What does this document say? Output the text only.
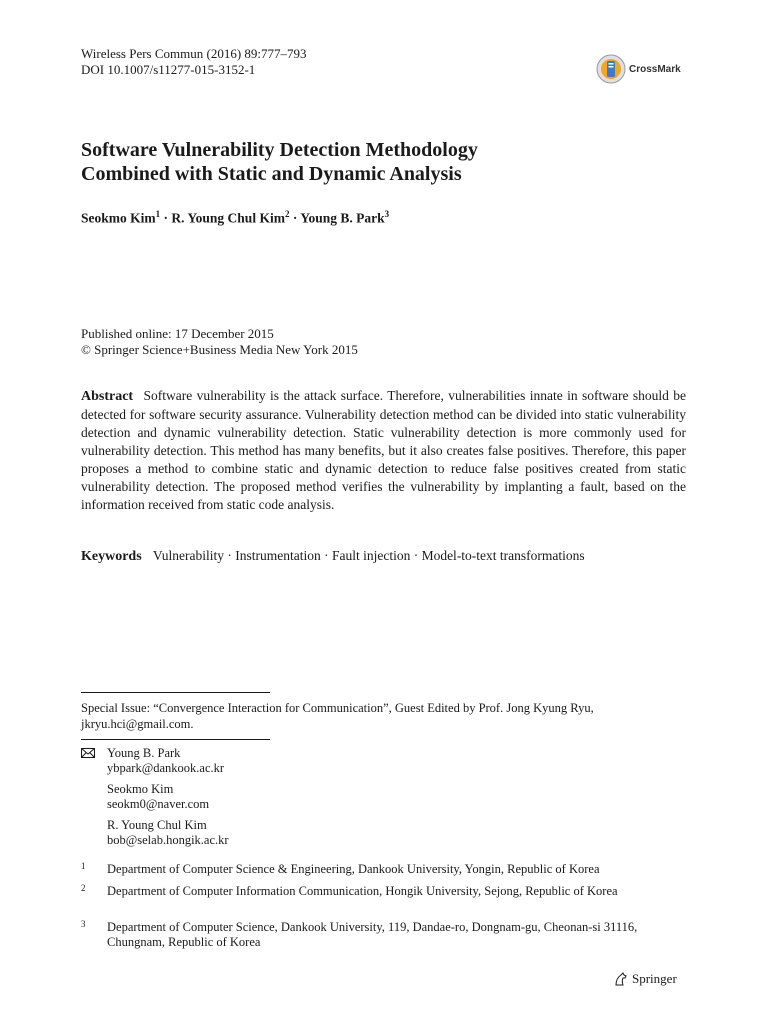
Wireless Pers Commun (2016) 89:777–793
DOI 10.1007/s11277-015-3152-1	CrossMark
Software Vulnerability Detection Methodology
Combined with Static and Dynamic Analysis
Seokmo Kim$^1$ · R. Young Chul Kim$^2$ · Young B. Park$^3$
Published online: 17 December 2015
© Springer Science+Business Media New York 2015
Abstract Software vulnerability is the attack surface. Therefore, vulnerabilities innate in software should be detected for software security assurance. Vulnerability detection method can be divided into static vulnerability detection and dynamic vulnerability detection. Static vulnerability detection is more commonly used for vulnerability detection. This method has many benefits, but it also creates false positives. Therefore, this paper proposes a method to combine static and dynamic detection to reduce false positives created from static vulnerability detection. The proposed method verifies the vulnerability by implanting a fault, based on the information received from static code analysis.
Keywords Vulnerability · Instrumentation · Fault injection · Model-to-text transformations
Special Issue: “Convergence Interaction for Communication”, Guest Edited by Prof. Jong Kyung Ryu, jkryu.hci@gmail.com.
Young B. Park
ybpark@dankook.ac.kr
Seokmo Kim
seokm0@naver.com
R. Young Chul Kim
bob@selab.hongik.ac.kr
1 Department of Computer Science & Engineering, Dankook University, Yongin, Republic of Korea
2 Department of Computer Information Communication, Hongik University, Sejong, Republic of Korea
3 Department of Computer Science, Dankook University, 119, Dandae-ro, Dongnam-gu, Cheonan-si 31116, Chungnam, Republic of Korea
Springer
